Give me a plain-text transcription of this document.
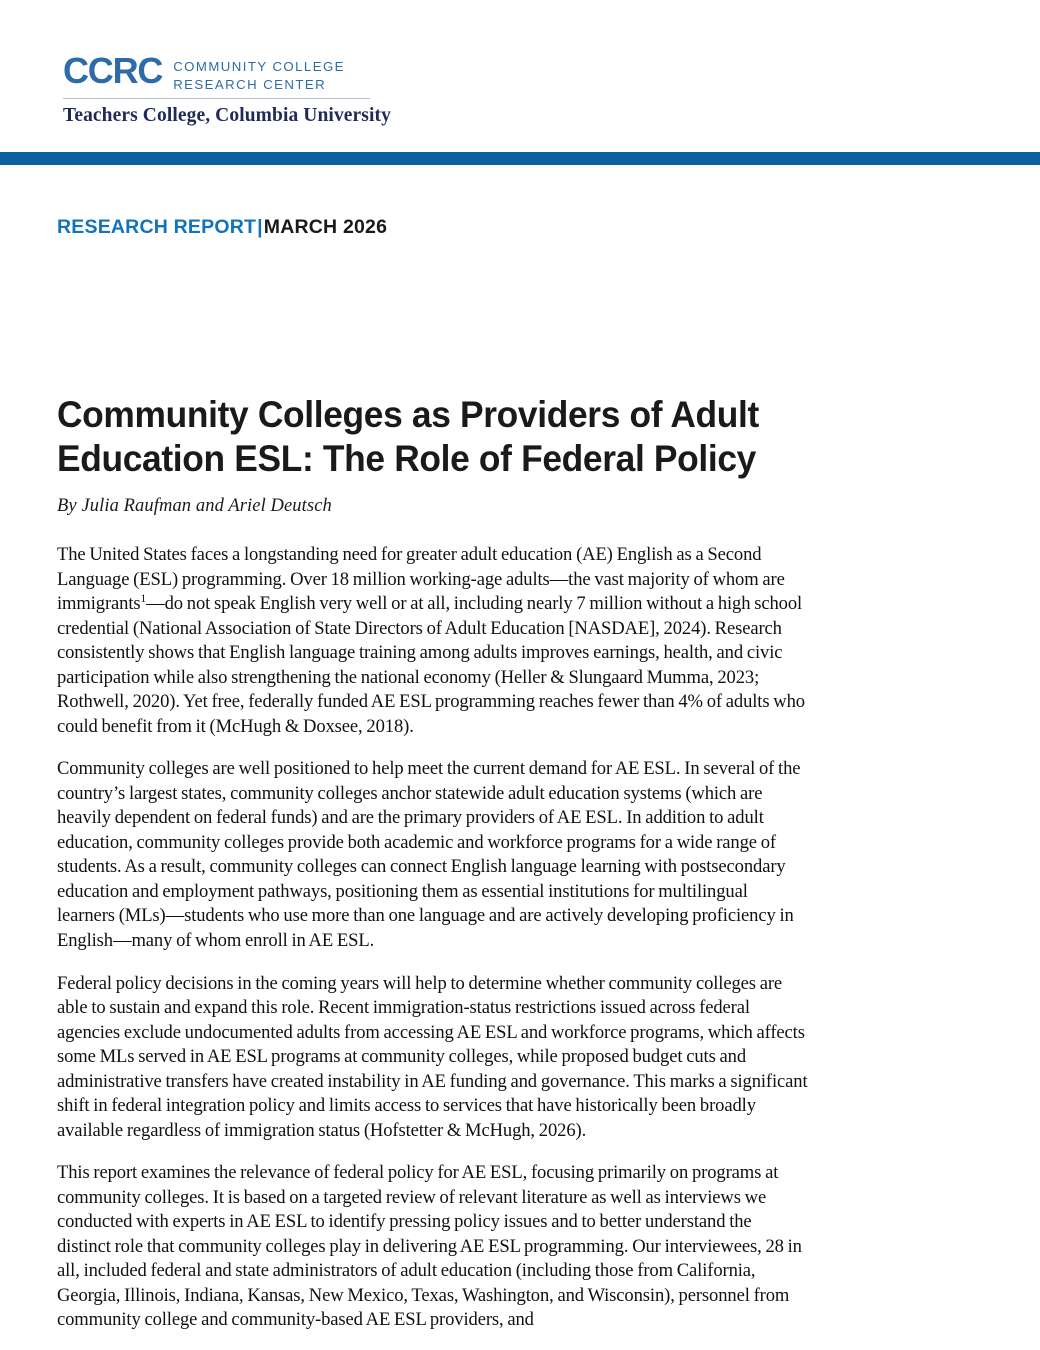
CCRC COMMUNITY COLLEGE
RESEARCH CENTER
Teachers College, Columbia University
RESEARCH REPORT|MARCH 2026
Community Colleges as Providers of Adult Education ESL: The Role of Federal Policy
By Julia Raufman and Ariel Deutsch

The United States faces a longstanding need for greater adult education (AE) English as a Second Language (ESL) programming. Over 18 million working-age adults—the vast majority of whom are immigrants$^1$—do not speak English very well or at all, including nearly 7 million without a high school credential (National Association of State Directors of Adult Education [NASDAE], 2024). Research consistently shows that English language training among adults improves earnings, health, and civic participation while also strengthening the national economy (Heller & Slungaard Mumma, 2023; Rothwell, 2020). Yet free, federally funded AE ESL programming reaches fewer than 4% of adults who could benefit from it (McHugh & Doxsee, 2018).

Community colleges are well positioned to help meet the current demand for AE ESL. In several of the country’s largest states, community colleges anchor statewide adult education systems (which are heavily dependent on federal funds) and are the primary providers of AE ESL. In addition to adult education, community colleges provide both academic and workforce programs for a wide range of students. As a result, community colleges can connect English language learning with postsecondary education and employment pathways, positioning them as essential institutions for multilingual learners (MLs)—students who use more than one language and are actively developing proficiency in English—many of whom enroll in AE ESL.

Federal policy decisions in the coming years will help to determine whether community colleges are able to sustain and expand this role. Recent immigration-status restrictions issued across federal agencies exclude undocumented adults from accessing AE ESL and workforce programs, which affects some MLs served in AE ESL programs at community colleges, while proposed budget cuts and administrative transfers have created instability in AE funding and governance. This marks a significant shift in federal integration policy and limits access to services that have historically been broadly available regardless of immigration status (Hofstetter & McHugh, 2026).

This report examines the relevance of federal policy for AE ESL, focusing primarily on programs at community colleges. It is based on a targeted review of relevant literature as well as interviews we conducted with experts in AE ESL to identify pressing policy issues and to better understand the distinct role that community colleges play in delivering AE ESL programming. Our interviewees, 28 in all, included federal and state administrators of adult education (including those from California, Georgia, Illinois, Indiana, Kansas, New Mexico, Texas, Washington, and Wisconsin), personnel from community college and community-based AE ESL providers, and
